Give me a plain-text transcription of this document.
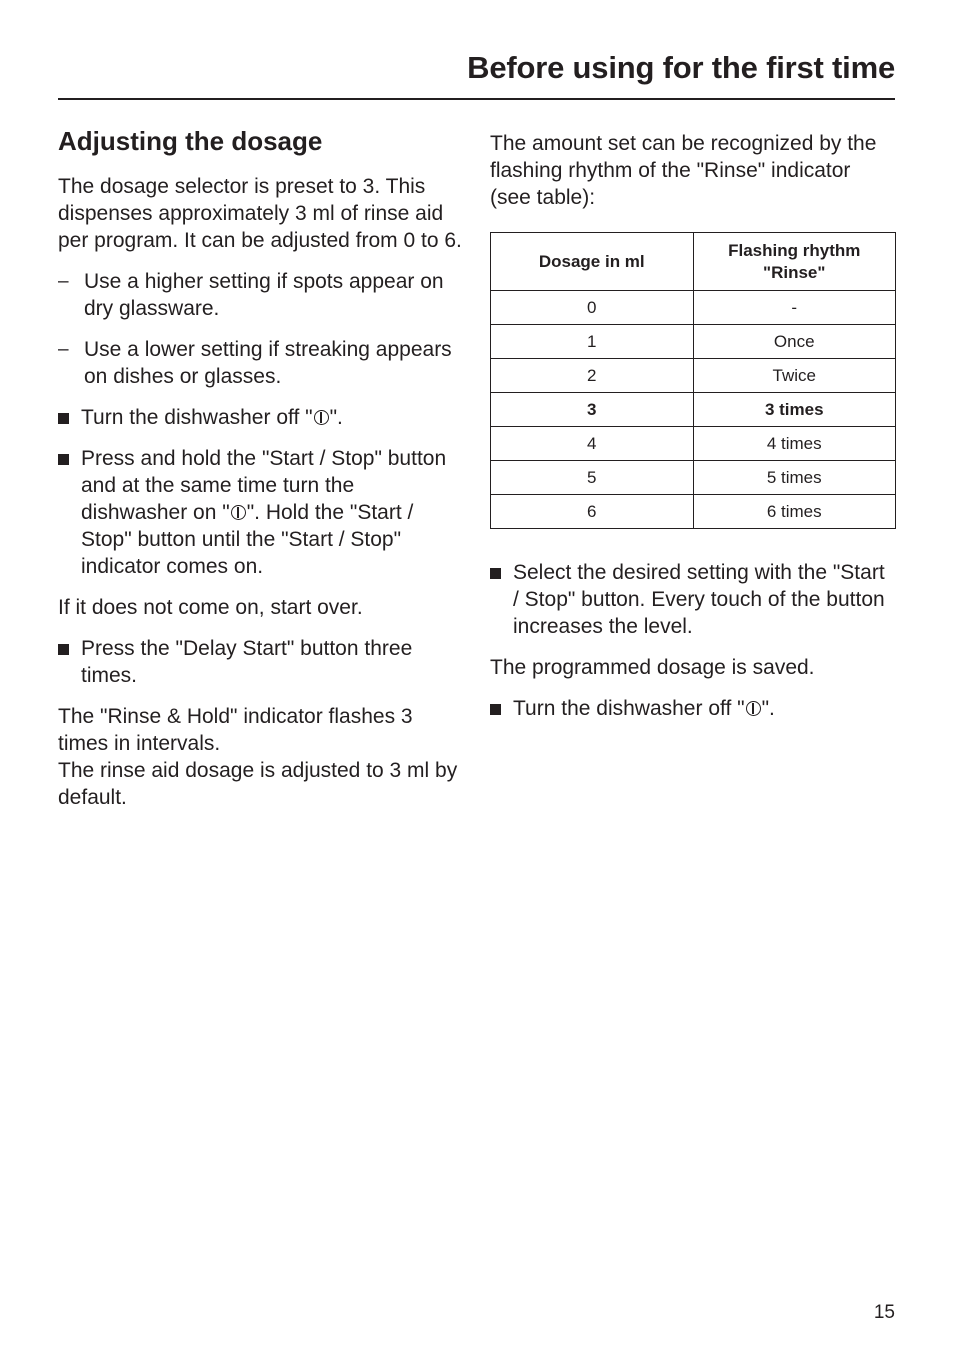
Before using for the first time
Adjusting the dosage

The dosage selector is preset to 3. This dispenses approximately 3 ml of rinse aid per program. It can be adjusted from 0 to 6.

– Use a higher setting if spots appear on dry glassware.
– Use a lower setting if streaking appears on dishes or glasses.
Turn the dishwasher off " ".
Press and hold the "Start / Stop" button and at the same time turn the dishwasher on " ". Hold the "Start / Stop" button until the "Start / Stop" indicator comes on.

If it does not come on, start over.

Press the "Delay Start" button three times.

The "Rinse & Hold" indicator flashes 3 times in intervals.

The rinse aid dosage is adjusted to 3 ml by default.

The amount set can be recognized by the flashing rhythm of the "Rinse" indicator (see table):

Dosage in ml	Flashing rhythm "Rinse"
0	-
1	Once
2	Twice
3	3 times
4	4 times
5	5 times
6	6 times
Select the desired setting with the "Start / Stop" button. Every touch of the button increases the level.

The programmed dosage is saved.

Turn the dishwasher off " ".
15
